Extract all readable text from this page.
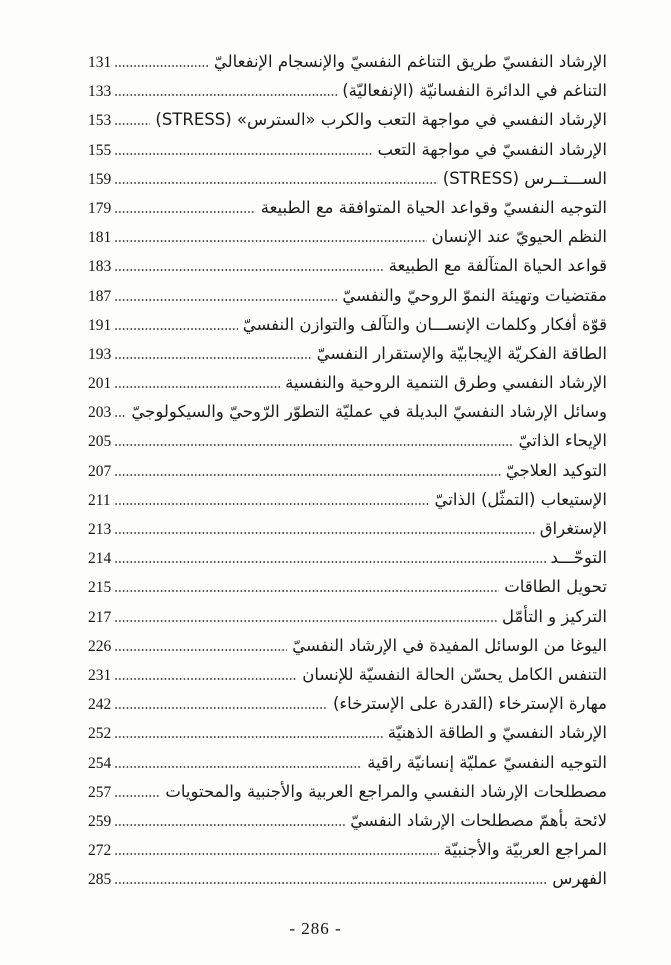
الإرشاد النفسيّ طريق التناغم النفسيّ والإنسجام الإنفعاليّ
131
التناغم في الدائرة النفسانيّة (الإنفعاليّة)
133
الإرشاد النفسي في مواجهة التعب والكرب «السترس» (STRESS)
153
الإرشاد النفسيّ في مواجهة التعب
155
الســـتــرس (STRESS)
159
التوجيه النفسيّ وقواعد الحياة المتوافقة مع الطبيعة
179
النظم الحيويّ عند الإنسان
181
قواعد الحياة المتآلفة مع الطبيعة
183
مقتضيات وتهيئة النموّ الروحيّ والنفسيّ
187
قوّة أفكار وكلمات الإنســـان والتآلف والتوازن النفسيّ
191
الطاقة الفكريّة الإيجابيّة والإستقرار النفسيّ
193
الإرشاد النفسي وطرق التنمية الروحية والنفسية
201
وسائل الإرشاد النفسيّ البديلة في عمليّة التطوّر الرّوحيّ والسيكولوجيّ
203
الإيحاء الذاتيّ
205
التوكيد العلاجيّ
207
الإستيعاب (التمثّل) الذاتيّ
211
الإستغراق
213
التوحّـــد
214
تحويل الطاقات
215
التركيز و التأمّل
217
اليوغا من الوسائل المفيدة في الإرشاد النفسيّ
226
التنفس الكامل يحسّن الحالة النفسيّة للإنسان
231
مهارة الإسترخاء (القدرة على الإسترخاء)
242
الإرشاد النفسيّ و الطاقة الذهنيّة
252
التوجيه النفسيّ عمليّة إنسانيّة راقية
254
مصطلحات الإرشاد النفسي والمراجع العربية والأجنبية والمحتويات
257
لائحة بأهمّ مصطلحات الإرشاد النفسيّ
259
المراجع العربيّة والأجنبيّة
272
الفهرس
285
- 286 -
